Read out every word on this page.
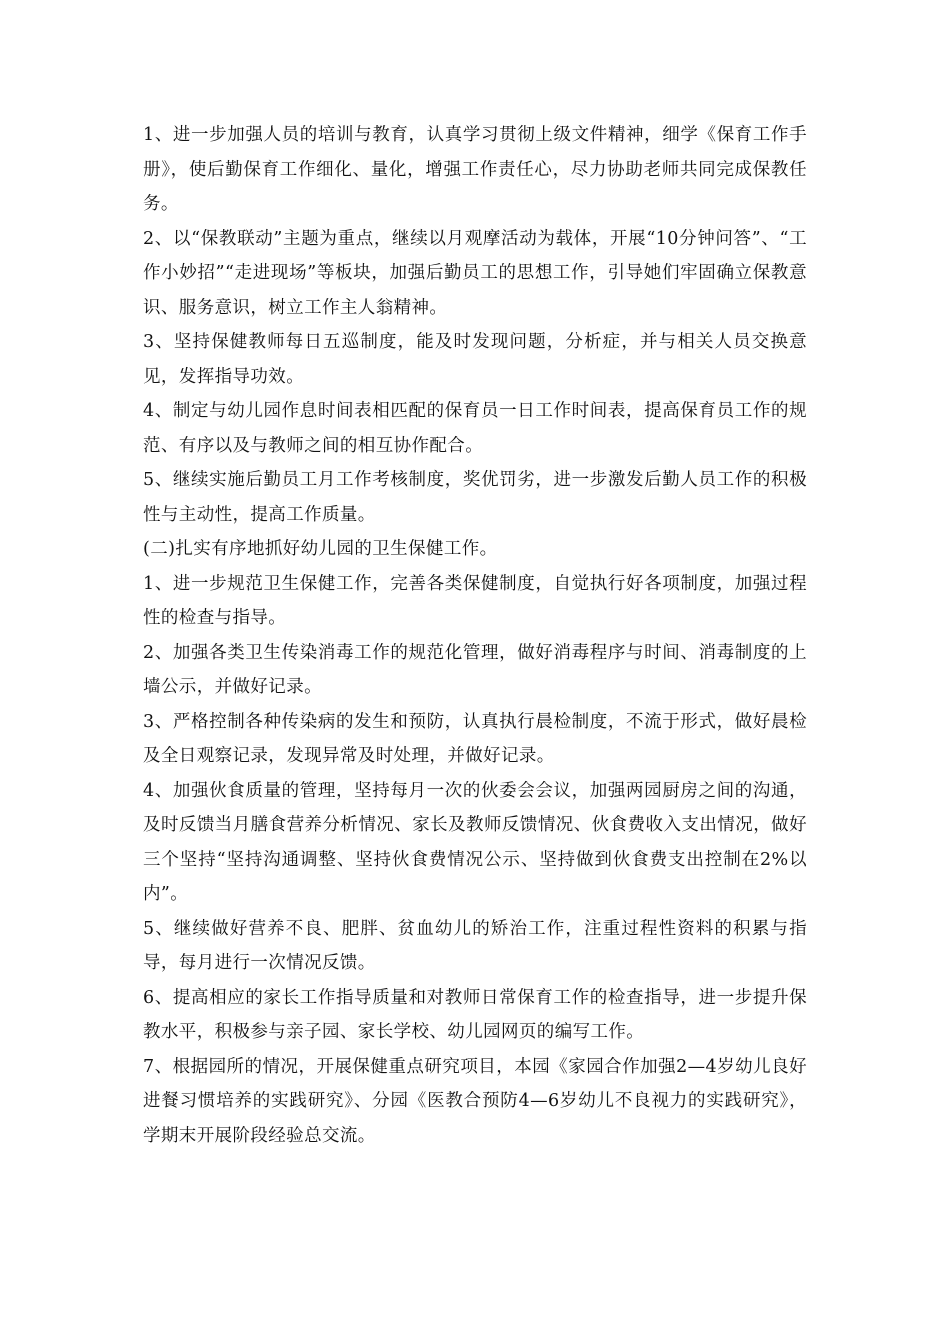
1、进一步加强人员的培训与教育，认真学习贯彻上级文件精神，细学《保育工作手册》，使后勤保育工作细化、量化，增强工作责任心，尽力协助老师共同完成保教任务。

2、以“保教联动”主题为重点，继续以月观摩活动为载体，开展“10分钟问答”、“工作小妙招”“走进现场”等板块，加强后勤员工的思想工作，引导她们牢固确立保教意识、服务意识，树立工作主人翁精神。

3、坚持保健教师每日五巡制度，能及时发现问题，分析症，并与相关人员交换意见，发挥指导功效。

4、制定与幼儿园作息时间表相匹配的保育员一日工作时间表，提高保育员工作的规范、有序以及与教师之间的相互协作配合。

5、继续实施后勤员工月工作考核制度，奖优罚劣，进一步激发后勤人员工作的积极性与主动性，提高工作质量。

(二)扎实有序地抓好幼儿园的卫生保健工作。

1、进一步规范卫生保健工作，完善各类保健制度，自觉执行好各项制度，加强过程性的检查与指导。

2、加强各类卫生传染消毒工作的规范化管理，做好消毒程序与时间、消毒制度的上墙公示，并做好记录。

3、严格控制各种传染病的发生和预防，认真执行晨检制度，不流于形式，做好晨检及全日观察记录，发现异常及时处理，并做好记录。

4、加强伙食质量的管理，坚持每月一次的伙委会会议，加强两园厨房之间的沟通，及时反馈当月膳食营养分析情况、家长及教师反馈情况、伙食费收入支出情况，做好三个坚持“坚持沟通调整、坚持伙食费情况公示、坚持做到伙食费支出控制在2%以内”。

5、继续做好营养不良、肥胖、贫血幼儿的矫治工作，注重过程性资料的积累与指导，每月进行一次情况反馈。

6、提高相应的家长工作指导质量和对教师日常保育工作的检查指导，进一步提升保教水平，积极参与亲子园、家长学校、幼儿园网页的编写工作。

7、根据园所的情况，开展保健重点研究项目，本园《家园合作加强2—4岁幼儿良好进餐习惯培养的实践研究》、分园《医教合预防4—6岁幼儿不良视力的实践研究》，学期末开展阶段经验总交流。
